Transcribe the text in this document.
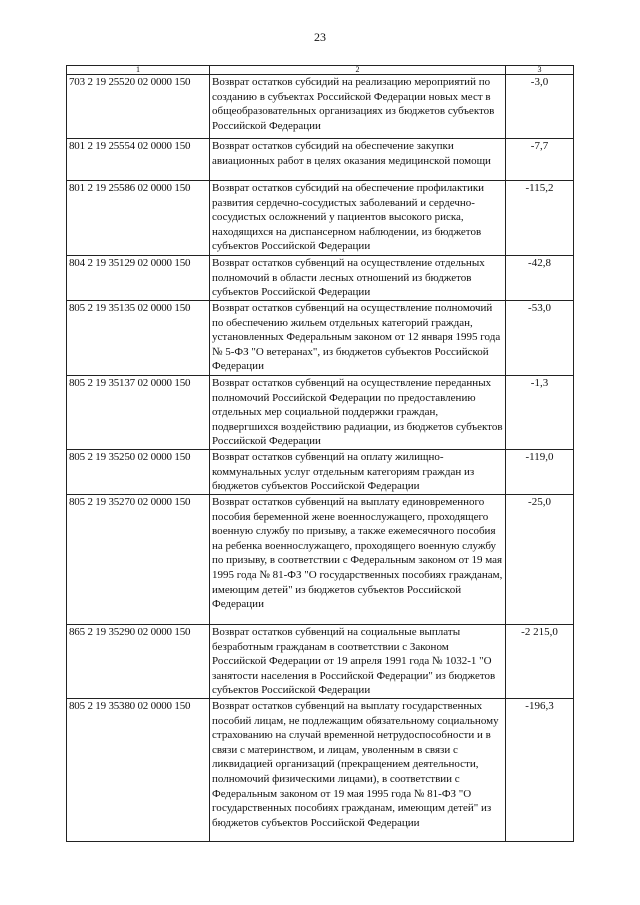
23
1	2	3
703 2 19 25520 02 0000 150	Возврат остатков субсидий на реализацию мероприятий по созданию в субъектах Российской Федерации новых мест в общеобразовательных организациях из бюджетов субъектов Российской Федерации	-3,0
801 2 19 25554 02 0000 150	Возврат остатков субсидий на обеспечение закупки авиационных работ в целях оказания медицинской помощи	-7,7
801 2 19 25586 02 0000 150	Возврат остатков субсидий на обеспечение профилактики развития сердечно-сосудистых заболеваний и сердечно-сосудистых осложнений у пациентов высокого риска, находящихся на диспансерном наблюдении, из бюджетов субъектов Российской Федерации	-115,2
804 2 19 35129 02 0000 150	Возврат остатков субвенций на осуществление отдельных полномочий в области лесных отношений из бюджетов субъектов Российской Федерации	-42,8
805 2 19 35135 02 0000 150	Возврат остатков субвенций на осуществление полномочий по обеспечению жильем отдельных категорий граждан, установленных Федеральным законом от 12 января 1995 года № 5-ФЗ "О ветеранах", из бюджетов субъектов Российской Федерации	-53,0
805 2 19 35137 02 0000 150	Возврат остатков субвенций на осуществление переданных полномочий Российской Федерации по предоставлению отдельных мер социальной поддержки граждан, подвергшихся воздействию радиации, из бюджетов субъектов Российской Федерации	-1,3
805 2 19 35250 02 0000 150	Возврат остатков субвенций на оплату жилищно-коммунальных услуг отдельным категориям граждан из бюджетов субъектов Российской Федерации	-119,0
805 2 19 35270 02 0000 150	Возврат остатков субвенций на выплату единовременного пособия беременной жене военнослужащего, проходящего военную службу по призыву, а также ежемесячного пособия на ребенка военнослужащего, проходящего военную службу по призыву, в соответствии с Федеральным законом от 19 мая 1995 года № 81-ФЗ "О государственных пособиях гражданам, имеющим детей" из бюджетов субъектов Российской Федерации	-25,0
865 2 19 35290 02 0000 150	Возврат остатков субвенций на социальные выплаты безработным гражданам в соответствии с Законом Российской Федерации от 19 апреля 1991 года № 1032-1 "О занятости населения в Российской Федерации" из бюджетов субъектов Российской Федерации	-2 215,0
805 2 19 35380 02 0000 150	Возврат остатков субвенций на выплату государственных пособий лицам, не подлежащим обязательному социальному страхованию на случай временной нетрудоспособности и в связи с материнством, и лицам, уволенным в связи с ликвидацией организаций (прекращением деятельности, полномочий физическими лицами), в соответствии с Федеральным законом от 19 мая 1995 года № 81-ФЗ "О государственных пособиях гражданам, имеющим детей" из бюджетов субъектов Российской Федерации	-196,3
